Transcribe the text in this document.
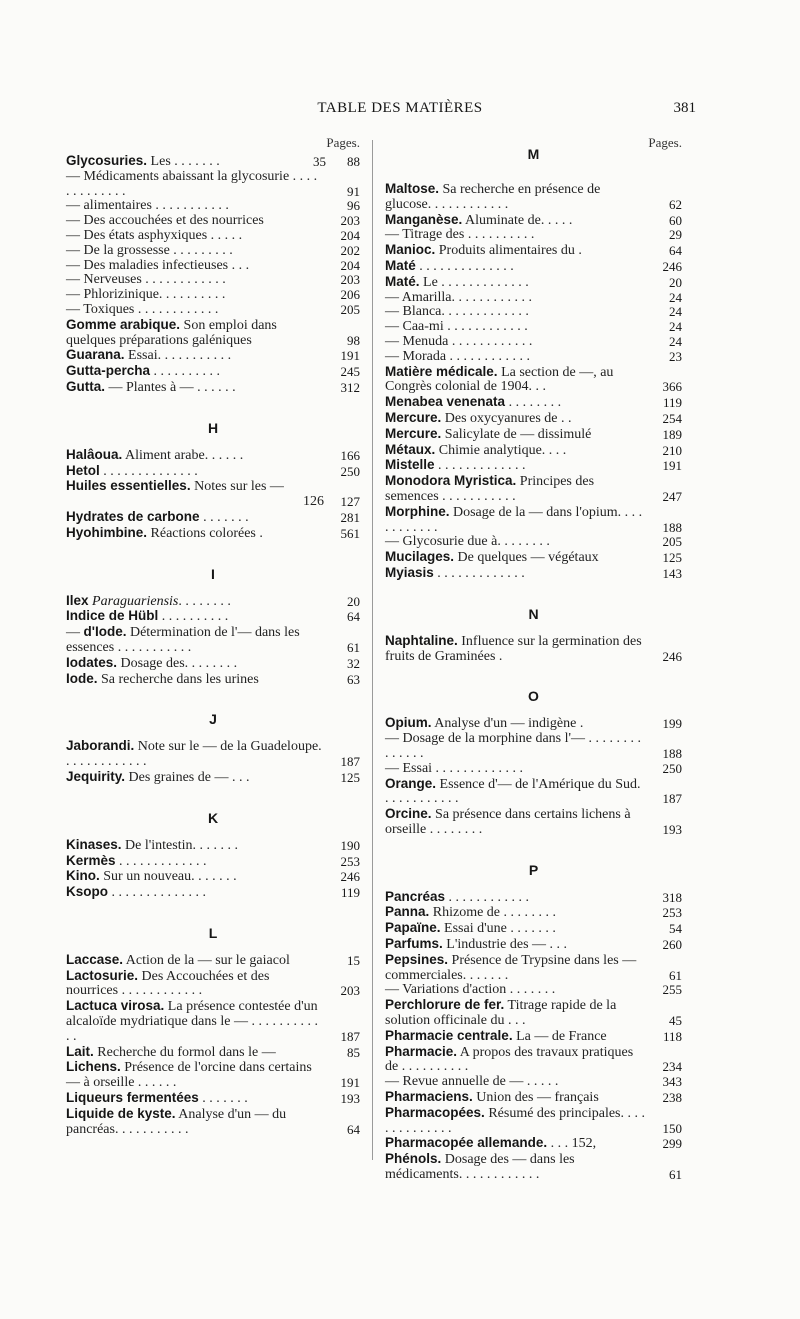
TABLE DES MATIÈRES	381
Pages.
Glycosuries. Les . . . . . . .	35	88
— Médicaments abaissant la glycosurie . . . . . . . . . . . . .	91
— alimentaires . . . . . . . . . . .	96
— Des accouchées et des nourrices	203
— Des états asphyxiques . . . . .	204
— De la grossesse . . . . . . . . .	202
— Des maladies infectieuses . . .	204
— Nerveuses . . . . . . . . . . . .	203
— Phlorizinique. . . . . . . . . .	206
— Toxiques . . . . . . . . . . . .	205
Gomme arabique. Son emploi dans quelques préparations galéniques	98
Guarana. Essai. . . . . . . . . . .	191
Gutta-percha . . . . . . . . . .	245
Gutta. — Plantes à — . . . . . .	312
H
Halâoua. Aliment arabe. . . . . .	166
Hetol . . . . . . . . . . . . . .	250
Huiles essentielles. Notes sur les —
126	127
Hydrates de carbone . . . . . . .	281
Hyohimbine. Réactions colorées .	561
I
Ilex Paraguariensis. . . . . . . .	20
Indice de Hübl . . . . . . . . . .	64
— d'Iode. Détermination de l'— dans les essences . . . . . . . . . . .	61
Iodates. Dosage des. . . . . . . .	32
Iode. Sa recherche dans les urines	63
J
Jaborandi. Note sur le — de la Guadeloupe. . . . . . . . . . . . .	187
Jequirity. Des graines de — . . .	125
K
Kinases. De l'intestin. . . . . . .	190
Kermès . . . . . . . . . . . . .	253
Kino. Sur un nouveau. . . . . . .	246
Ksopo . . . . . . . . . . . . . .	119
L
Laccase. Action de la — sur le gaiacol	15
Lactosurie. Des Accouchées et des nourrices . . . . . . . . . . . .	203
Lactuca virosa. La présence contestée d'un alcaloïde mydriatique dans le — . . . . . . . . . . . .	187
Lait. Recherche du formol dans le —	85
Lichens. Présence de l'orcine dans certains — à orseille . . . . . .	191
Liqueurs fermentées . . . . . . .	193
Liquide de kyste. Analyse d'un — du pancréas. . . . . . . . . . .	64
Pages.
M
Maltose. Sa recherche en présence de glucose. . . . . . . . . . . .	62
Manganèse. Aluminate de. . . . .	60
— Titrage des . . . . . . . . . .	29
Manioc. Produits alimentaires du .	64
Maté . . . . . . . . . . . . . .	246
Maté. Le . . . . . . . . . . . . .	20
— Amarilla. . . . . . . . . . . .	24
— Blanca. . . . . . . . . . . . .	24
— Caa-mi . . . . . . . . . . . .	24
— Menuda . . . . . . . . . . . .	24
— Morada . . . . . . . . . . . .	23
Matière médicale. La section de —, au Congrès colonial de 1904. . .	366
Menabea venenata . . . . . . . .	119
Mercure. Des oxycyanures de . .	254
Mercure. Salicylate de — dissimulé	189
Métaux. Chimie analytique. . . .	210
Mistelle . . . . . . . . . . . . .	191
Monodora Myristica. Principes des semences . . . . . . . . . . .	247
Morphine. Dosage de la — dans l'opium. . . . . . . . . . . .	188
— Glycosurie due à. . . . . . . .	205
Mucilages. De quelques — végétaux	125
Myiasis . . . . . . . . . . . . .	143
N
Naphtaline. Influence sur la germination des fruits de Graminées .	246
O
Opium. Analyse d'un — indigène .	199
— Dosage de la morphine dans l'— . . . . . . . . . . . . . .	188
— Essai . . . . . . . . . . . . .	250
Orange. Essence d'— de l'Amérique du Sud. . . . . . . . . . . .	187
Orcine. Sa présence dans certains lichens à orseille . . . . . . . .	193
P
Pancréas . . . . . . . . . . . .	318
Panna. Rhizome de . . . . . . . .	253
Papaïne. Essai d'une . . . . . . .	54
Parfums. L'industrie des — . . .	260
Pepsines. Présence de Trypsine dans les — commerciales. . . . . . .	61
— Variations d'action . . . . . . .	255
Perchlorure de fer. Titrage rapide de la solution officinale du . . .	45
Pharmacie centrale. La — de France	118
Pharmacie. A propos des travaux pratiques de . . . . . . . . . .	234
— Revue annuelle de — . . . . .	343
Pharmaciens. Union des — français	238
Pharmacopées. Résumé des principales. . . . . . . . . . . . . .	150
Pharmacopée allemande. . . . 152,	299
Phénols. Dosage des — dans les médicaments. . . . . . . . . . . .	61
